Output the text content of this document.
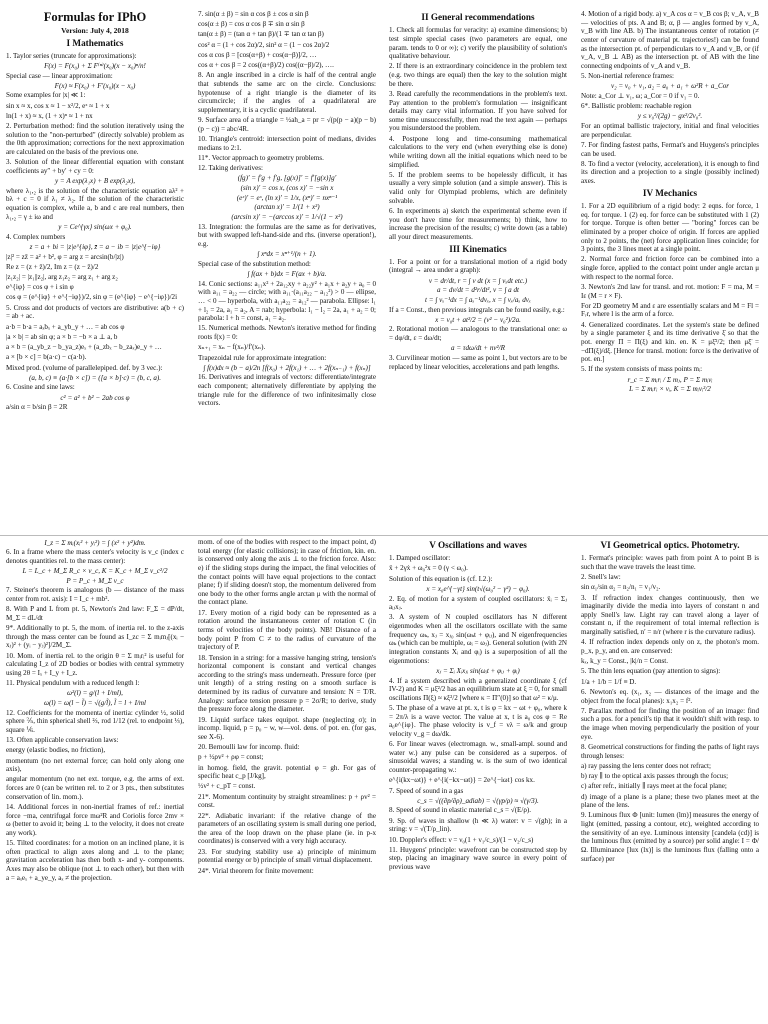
Formulas for IPhO
Version: July 4, 2018
I Mathematics

1. Taylor series (truncate for approximations):

F(x) = F(x₀) + Σ F⁽ⁿ⁾(x₀)(x − x₀)ⁿ/n!

Special case — linear approximation:

F(x) ≈ F(x₀) + F′(x₀)(x − x₀)

Some examples for |x| ≪ 1:

sin x ≈ x, cos x ≈ 1 − x²/2, eˣ ≈ 1 + x

ln(1 + x) ≈ x, (1 + x)ⁿ ≈ 1 + nx

2. Perturbation method: find the solution iteratively using the solution to the "non-perturbed" (directly solvable) problem as the 0th approximation; corrections for the next approximation are calculated on the basis of the previous one.

3. Solution of the linear differential equation with constant coefficients ay″ + by′ + cy = 0:

y = A exp(λ₁x) + B exp(λ₂x),

where λ₁,₂ is the solution of the characteristic equation aλ² + bλ + c = 0 if λ₁ ≠ λ₂. If the solution of the characteristic equation is complex, while a, b and c are real numbers, then λ₁,₂ = γ ± iω and

y = Ce^{γx} sin(ωx + φ₀).

4. Complex numbers

z = a + bi = |z|e^{iφ}, z̄ = a − ib = |z|e^{−iφ}

|z|² = zz̄ = a² + b², φ = arg z = arcsin(b/|z|)

Re z = (z + z̄)/2, Im z = (z − z̄)/2

|z₁z₂| = |z₁||z₂|, arg z₁z₂ = arg z₁ + arg z₂

e^{iφ} = cos φ + i sin φ

cos φ = (e^{iφ} + e^{−iφ})/2, sin φ = (e^{iφ} − e^{−iφ})/2i

5. Cross and dot products of vectors are distributive: a(b + c) = ab + ac.

a·b = b·a = aₓbₓ + a_yb_y + … = ab cos φ

|a × b| = ab sin φ; a × b = −b × a ⊥ a, b

a × b = (a_yb_z − b_ya_z)eₓ + (a_zbₓ − b_zaₓ)e_y + …

a × [b × c] = b(a·c) − c(a·b).

Mixed prod. (volume of parallelepiped. def. by 3 vec.):

(a, b, c) ≡ (a·[b × c]) = ([a × b]·c) = (b, c, a).

6. Cosine and sine laws:

c² = a² + b² − 2ab cos φ

a/sin α = b/sin β = 2R

7. sin(α ± β) = sin α cos β ± cos α sin β

cos(α ± β) = cos α cos β ∓ sin α sin β

tan(α ± β) = (tan α + tan β)/(1 ∓ tan α tan β)

cos² α = (1 + cos 2α)/2, sin² α = (1 − cos 2α)/2

cos α cos β = [cos(α+β) + cos(α−β)]/2, …

cos α + cos β = 2 cos((α+β)/2) cos((α−β)/2), ….

8. An angle inscribed in a circle is half of the central angle that subtends the same arc on the circle. Conclusions: hypotenuse of a right triangle is the diameter of its circumcircle; if the angles of a quadrilateral are supplementary, it is a cyclic quadrilateral.

9. Surface area of a triangle = ½ah_a = pr = √(p(p − a)(p − b)(p − c)) = abc/4R.

10. Triangle's centroid: intersection point of medians, divides medians to 2:1.

11*. Vector approach to geometry problems.

12. Taking derivatives:

(fg)′ = f′g + f′g, [g(x)]′ = f′[g(x)]g′

(sin x)′ = cos x, (cos x)′ = −sin x

(eˣ)′ = eˣ, (ln x)′ = 1/x, (xⁿ)′ = nxⁿ⁻¹

(arctan x)′ = 1/(1 + x²)

(arcsin x)′ = −(arccos x)′ = 1/√(1 − x²)

13. Integration: the formulas are the same as for derivatives, but with swapped left-hand-side and rhs. (inverse operation!), e.g.

∫ xⁿdx = xⁿ⁺¹/(n + 1).

Special case of the substitution method:

∫ f(ax + b)dx = F(ax + b)/a.

14. Conic sections: a₁₁x² + 2a₁₂xy + a₂₂y² + a₁x + a₂y + a₀ = 0 with a₁₁ = a₂₂ — circle; with a₁₁·(a₁₁a₂₂ − a₁₂²) > 0 — ellipse, … < 0 — hyperbola, with a₁₁a₂₂ = a₁₂² — parabola. Ellipse: l₁ + l₂ = 2a, a₁ = a₂, A = πab; hyperbola: l₁ − l₂ = 2a, a₁ + a₂ = 0; parabola: l + h = const, a₁ = a₂.

15. Numerical methods. Newton's iterative method for finding roots f(x) = 0:

xₙ₊₁ = xₙ − f(xₙ)/f′(xₙ).

Trapezoidal rule for approximate integration:

∫ f(x)dx ≈ (b − a)/2n [f(x₀) + 2f(x₁) + … + 2f(xₙ₋₁) + f(xₙ)]

16. Derivatives and integrals of vectors: differentiate/integrate each component; alternatively differentiate by applying the triangle rule for the difference of two infinitesimally close vectors.

II General recommendations

1. Check all formulas for veracity: a) examine dimensions; b) test simple special cases (two parameters are equal, one param. tends to 0 or ∞); c) verify the plausibility of solution's qualitative behaviour.

2. If there is an extraordinary coincidence in the problem text (e.g. two things are equal) then the key to the solution might be there.

3. Read carefully the recommendations in the problem's text. Pay attention to the problem's formulation — insignificant details may carry vital information. If you have solved for some time unsuccessfully, then read the text again — perhaps you misunderstood the problem.

4. Postpone long and time-consuming mathematical calculations to the very end (when everything else is done) while writing down all the initial equations which need to be simplified.

5. If the problem seems to be hopelessly difficult, it has usually a very simple solution (and a simple answer). This is valid only for Olympiad problems, which are definitely solvable.

6. In experiments a) sketch the experimental scheme even if you don't have time for measurements; b) think, how to increase the precision of the results; c) write down (as a table) all your direct measurements.

III Kinematics

1. For a point or for a translational motion of a rigid body (integral → area under a graph):

v = dr/dt, r = ∫ v dt (x = ∫ vₓdt etc.)

a = dv/dt = d²r/dt², v = ∫ a dt

t = ∫ vₓ⁻¹dx = ∫ aₓ⁻¹dvₓ, x = ∫ vₓ/aₓ dvₓ

If a = Const., then previous integrals can be found easily, e.g.:

x = v₀t + at²/2 = (v² − v₀²)/2a.

2. Rotational motion — analogous to the translational one: ω = dφ/dt, ε = dω/dt;

a = τdω/dt + nv²/R

3. Curvilinear motion — same as point 1, but vectors are to be replaced by linear velocities, accelerations and path lengths.

4. Motion of a rigid body. a) v_A cos α = v_B cos β; v_A, v_B — velocities of pts. A and B; α, β — angles formed by v_A, v_B with line AB. b) The instantaneous center of rotation (≠ center of curvature of material pt. trajectories!) can be found as the intersection pt. of perpendiculars to v_A and v_B, or (if v_A, v_B ⊥ AB) as the intersection pt. of AB with the line connecting endpoints of v_A and v_B.

5. Non-inertial reference frames:

v₂ = v₀ + v₁, a₂ = a₀ + a₁ + ω²R + a_Cor

Note: a_Cor ⊥ v₁, ω; a_Cor = 0 if v₁ = 0.

6*. Ballistic problem: reachable region

y ≤ v₀²/(2g) − gx²/2v₀².

For an optimal ballistic trajectory, initial and final velocities are perpendicular.

7. For finding fastest paths, Fermat's and Huygens's principles can be used.

8. To find a vector (velocity, acceleration), it is enough to find its direction and a projection to a single (possibly inclined) axes.

IV Mechanics

1. For a 2D equilibrium of a rigid body: 2 eqns. for force, 1 eq. for torque. 1 (2) eq. for force can be substituted with 1 (2) for torque. Torque is often better — "boring" forces can be eliminated by a proper choice of origin. If forces are applied only to 2 points, the (net) force application lines coincide; for 3 points, the 3 lines meet at a single point.

2. Normal force and friction force can be combined into a single force, applied to the contact point under angle arctan μ with respect to the normal force.

3. Newton's 2nd law for transl. and rot. motion: F = ma, M = Iε (M = r × F).

For 2D geometry M and ε are essentially scalars and M = Fl = Fᵣr, where l is the arm of a force.

4. Generalized coordinates. Let the system's state be defined by a single parameter ξ and its time derivative ξ̇ so that the pot. energy Π = Π(ξ) and kin. en. K = μξ̇²/2; then μξ̈ = −dΠ(ξ)/dξ. [Hence for transl. motion: force is the derivative of pot. en.]

5. If the system consists of mass points mᵢ:

r_c = Σ mᵢrᵢ / Σ mⱼ, P = Σ mᵢvᵢ

L = Σ mᵢrᵢ × vᵢ, K = Σ mᵢvᵢ²/2

I_z = Σ mᵢ(xᵢ² + yᵢ²) = ∫ (x² + y²)dm.

6. In a frame where the mass center's velocity is v_c (index c denotes quantities rel. to the mass center):

L = L_c + M_Σ R_c × v_c, K = K_c + M_Σ v_c²/2

P = P_c + M_Σ v_c

7. Steiner's theorem is analogous (b — distance of the mass center from rot. axis): I = I_c + mb².

8. With P and L from pt. 5, Newton's 2nd law: F_Σ = dP/dt, M_Σ = dL/dt

9*. Additionally to pt. 5, the mom. of inertia rel. to the z-axis through the mass center can be found as I_zc = Σ mᵢmⱼ[(xᵢ − xⱼ)² + (yᵢ − yⱼ)²]/2M_Σ.

10. Mom. of inertia rel. to the origin θ = Σ mᵢrᵢ² is useful for calculating I_z of 2D bodies or bodies with central symmetry using 2θ = Iₓ + I_y + I_z.

11. Physical pendulum with a reduced length l:

ω²(l) = g/(l + I/ml),

ω(l) = ω(l − l̃) = √(g/l̃), l̃ = l + I/ml

12. Coefficients for the momenta of inertia: cylinder ½, solid sphere ⅖, thin spherical shell ⅔, rod 1/12 (rel. to endpoint ⅓), square ⅙.

13. Often applicable conservation laws:

energy (elastic bodies, no friction),

momentum (no net external force; can hold only along one axis),

angular momentum (no net ext. torque, e.g. the arms of ext. forces are 0 (can be written rel. to 2 or 3 pts., then substitutes conservation of lin. mom.).

14. Additional forces in non-inertial frames of ref.: inertial force −ma, centrifugal force mω²R and Coriolis force 2mv × ω (better to avoid it; being ⊥ to the velocity, it does not create any work).

15. Tilted coordinates: for a motion on an inclined plane, it is often practical to align axes along and ⊥ to the plane; gravitation acceleration has then both x- and y- components. Axes may also be oblique (not ⊥ to each other), but then with a = aₓeₓ + a_ye_y, aₓ ≠ the projection.

mom. of one of the bodies with respect to the impact point, d) total energy (for elastic collisions); in case of friction, kin. en. is conserved only along the axis ⊥ to the friction force. Also: e) if the sliding stops during the impact, the final velocities of the contact points will have equal projections to the contact plane; f) if sliding doesn't stop, the momentum delivered from one body to the other forms angle arctan μ with the normal of the contact plane.

17. Every motion of a rigid body can be represented as a rotation around the instantaneous center of rotation C (in terms of velocities of the body points). NB! Distance of a body point P from C ≠ to the radius of curvature of the trajectory of P.

18. Tension in a string: for a massive hanging string, tension's horizontal component is constant and vertical changes according to the string's mass underneath. Pressure force (per unit length) of a string resting on a smooth surface is determined by its radius of curvature and tension: N = T/R. Analogy: surface tension pressure p = 2σ/R; to derive, study the pressure force along the diameter.

19. Liquid surface takes equipot. shape (neglecting σ); in incomp. liquid, p = p₀ − w, w—vol. dens. of pot. en. (for gas, see X-6).

20. Bernoulli law for incomp. fluid:

p + ½ρv² + ρφ = const;

in homog. field, the gravit. potential φ = gh. For gas of specific heat c_p [J/kg],

½v² + c_pT = const.

21*. Momentum continuity by straight streamlines: p + ρv² = const.

22*. Adiabatic invariant: if the relative change of the parameters of an oscillating system is small during one period, the area of the loop drawn on the phase plane (ie. in p-x coordinates) is conserved with a very high accuracy.

23. For studying stability use a) principle of minimum potential energy or b) principle of small virtual displacement.

24*. Virial theorem for finite movement:

V Oscillations and waves

1. Damped oscillator:

ẍ + 2γẋ + ω₀²x = 0 (γ < ω₀).

Solution of this equation is (cf. I.2.):

x = x₀e^{−γt} sin(t√(ω₀² − γ²) − φ₀).

2. Eq. of motion for a system of coupled oscillators: ẍᵢ = Σⱼ aᵢⱼxⱼ.

3. A system of N coupled oscillators has N different eigenmodes when all the oscillators oscillate with the same frequency ωₖ, xⱼ = xⱼ₀ sin(ωₖt + φᵢⱼ), and N eigenfrequencies ωₖ (which can be multiple, ωᵢ = ωⱼ). General solution (with 2N integration constants Xᵢ and φᵢ) is a superposition of all the eigenmotions:

xⱼ = Σᵢ Xᵢxⱼᵢ sin(ωᵢt + φᵢⱼ + φᵢ)

4. If a system described with a generalized coordinate ξ (cf IV-2) and K = μξ̇²/2 has an equilibrium state at ξ = 0, for small oscillations Π(ξ) ≈ κξ²/2 [where κ = Π″(0)] so that ω² = κ/μ.

5. The phase of a wave at pt. x, t is φ = kx − ωt + φ₀, where k = 2π/λ is a wave vector. The value at x, t is a₀ cos φ = Re a₀e^{iφ}. The phase velocity is v_f = νλ = ω/k and group velocity v_g = dω/dk.

6. For linear waves (electromagn. w., small-ampl. sound and water w.) any pulse can be considered as a superpos. of sinusoidal waves; a standing w. is the sum of two identical counter-propagating w.:

e^{i(kx−ωt)} + e^{i(−kx−ωt)} = 2e^{−iωt} cos kx.

7. Speed of sound in a gas

c_s = √((∂p/∂ρ)_adiab) = √(γp/ρ) ≈ √(γ/3).

8. Speed of sound in elastic material c_s = √(E/ρ).

9. Sp. of waves in shallow (h ≪ λ) water: v = √(gh); in a string: v = √(T/ρ_lin).

10. Doppler's effect: ν = ν₀(1 + v₁/c_s)/(1 − v₂/c_s)

11. Huygens' principle: wavefront can be constructed step by step, placing an imaginary wave source in every point of previous wave

VI Geometrical optics. Photometry.

1. Fermat's principle: waves path from point A to point B is such that the wave travels the least time.

2. Snell's law:

sin α₁/sin α₂ = n₂/n₁ = v₁/v₂.

3. If refraction index changes continuously, then we imaginarily divide the media into layers of constant n and apply Snell's law. Light ray can travel along a layer of constant n, if the requirement of total internal reflection is marginally satisfied, n′ = n/r (where r is the curvature radius).

4. If refraction index depends only on z, the photon's mom. p_x, p_y, and en. are conserved:

kₓ, k_y = Const., |k|/n = Const.

5. The thin lens equation (pay attention to signs):

1/a + 1/b = 1/f ≡ D.

6. Newton's eq. (x₁, x₂ — distances of the image and the object from the focal planes): x₁x₂ = f².

7. Parallax method for finding the position of an image: find such a pos. for a pencil's tip that it wouldn't shift with resp. to the image when moving perpendicularly the position of your eye.

8. Geometrical constructions for finding the paths of light rays through lenses:

a) ray passing the lens center does not refract;

b) ray ∥ to the optical axis passes through the focus;

c) after refr., initially ∥ rays meet at the focal plane;

d) image of a plane is a plane; these two planes meet at the plane of the lens.

9. Luminous flux Φ [unit: lumen (lm)] measures the energy of light (emitted, passing a contour, etc), weighted according to the sensitivity of an eye. Luminous intensity [candela (cd)] is the luminous flux (emitted by a source) per solid angle: I = Φ/Ω. Illuminance [lux (lx)] is the luminous flux (falling onto a surface) per
